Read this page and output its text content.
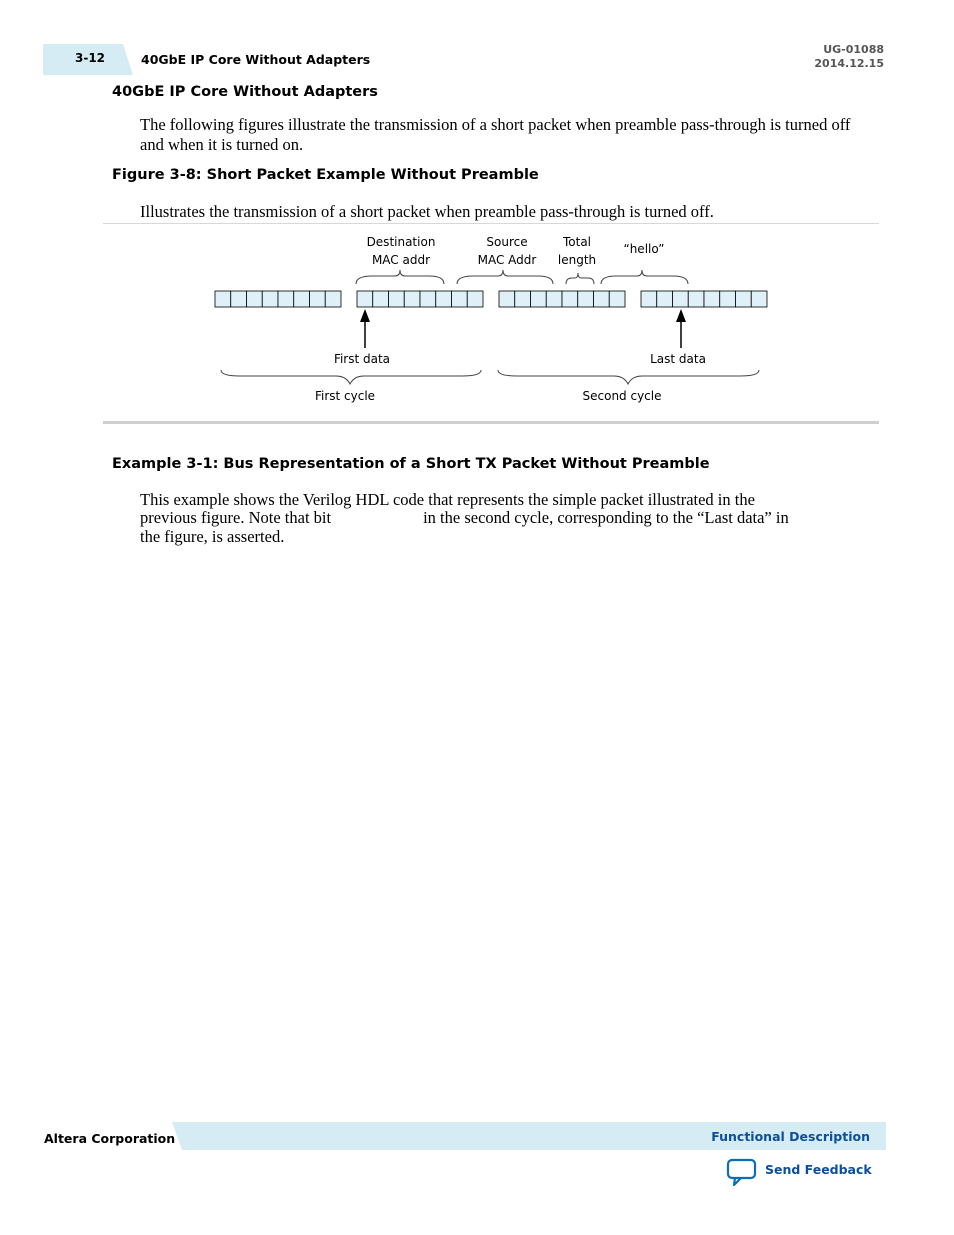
3-12	40GbE IP Core Without Adapters
UG-01088
2014.12.15
40GbE IP Core Without Adapters
The following figures illustrate the transmission of a short packet when preamble pass-through is turned off and when it is turned on.
Figure 3-8: Short Packet Example Without Preamble
Illustrates the transmission of a short packet when preamble pass-through is turned off.
Destination
MAC addr
Source
MAC Addr
Total
length
“hello”
First data	Last data
First cycle	Second cycle
Example 3-1: Bus Representation of a Short TX Packet Without Preamble
This example shows the Verilog HDL code that represents the simple packet illustrated in the
previous figure. Note that bit	in the second cycle, corresponding to the “Last data” in
the figure, is asserted.
Altera Corporation	Functional Description
Send Feedback
